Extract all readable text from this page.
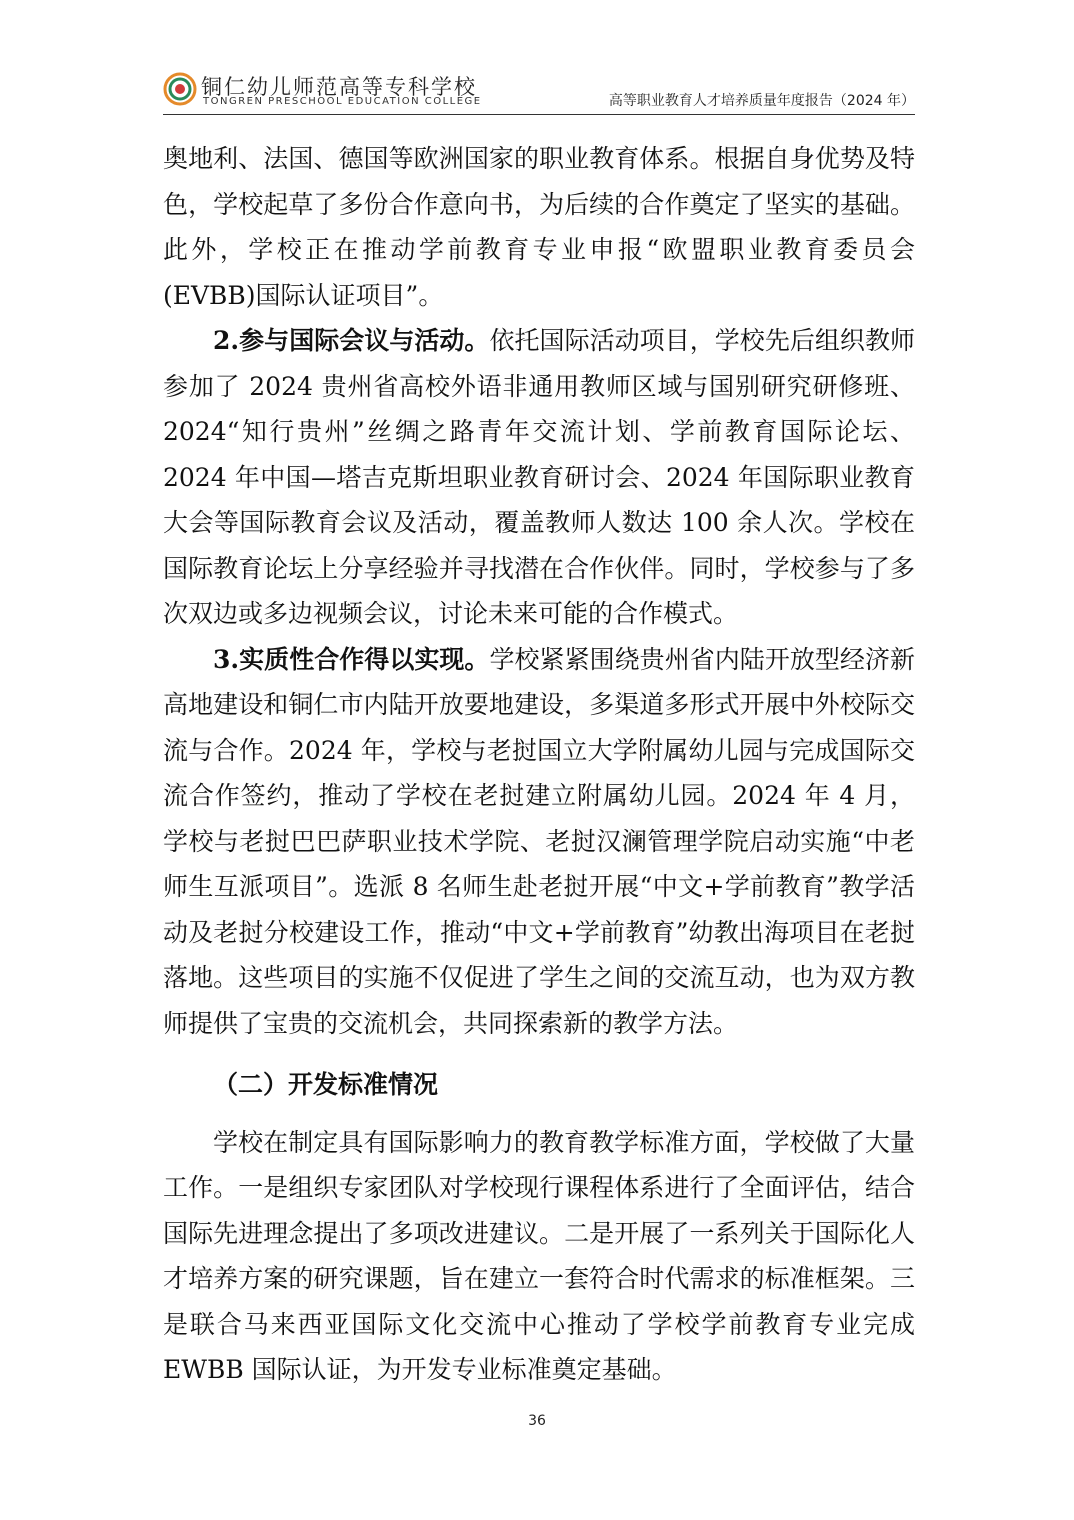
铜仁幼儿师范高等专科学校
TONGREN PRESCHOOL EDUCATION COLLEGE	高等职业教育人才培养质量年度报告（2024 年）

奥地利、法国、德国等欧洲国家的职业教育体系。根据自身优势及特色，学校起草了多份合作意向书，为后续的合作奠定了坚实的基础。此外，学校正在推动学前教育专业申报“欧盟职业教育委员会(EVBB)国际认证项目”。

2.参与国际会议与活动。依托国际活动项目，学校先后组织教师参加了 2024 贵州省高校外语非通用教师区域与国别研究研修班、2024“知行贵州”丝绸之路青年交流计划、学前教育国际论坛、2024 年中国—塔吉克斯坦职业教育研讨会、2024 年国际职业教育大会等国际教育会议及活动，覆盖教师人数达 100 余人次。学校在国际教育论坛上分享经验并寻找潜在合作伙伴。同时，学校参与了多次双边或多边视频会议，讨论未来可能的合作模式。

3.实质性合作得以实现。学校紧紧围绕贵州省内陆开放型经济新高地建设和铜仁市内陆开放要地建设，多渠道多形式开展中外校际交流与合作。2024 年，学校与老挝国立大学附属幼儿园与完成国际交流合作签约，推动了学校在老挝建立附属幼儿园。2024 年 4 月，学校与老挝巴巴萨职业技术学院、老挝汉澜管理学院启动实施“中老师生互派项目”。选派 8 名师生赴老挝开展“中文+学前教育”教学活动及老挝分校建设工作，推动“中文+学前教育”幼教出海项目在老挝落地。这些项目的实施不仅促进了学生之间的交流互动，也为双方教师提供了宝贵的交流机会，共同探索新的教学方法。

（二）开发标准情况

学校在制定具有国际影响力的教育教学标准方面，学校做了大量工作。一是组织专家团队对学校现行课程体系进行了全面评估，结合国际先进理念提出了多项改进建议。二是开展了一系列关于国际化人才培养方案的研究课题，旨在建立一套符合时代需求的标准框架。三是联合马来西亚国际文化交流中心推动了学校学前教育专业完成 EWBB 国际认证，为开发专业标准奠定基础。

36
